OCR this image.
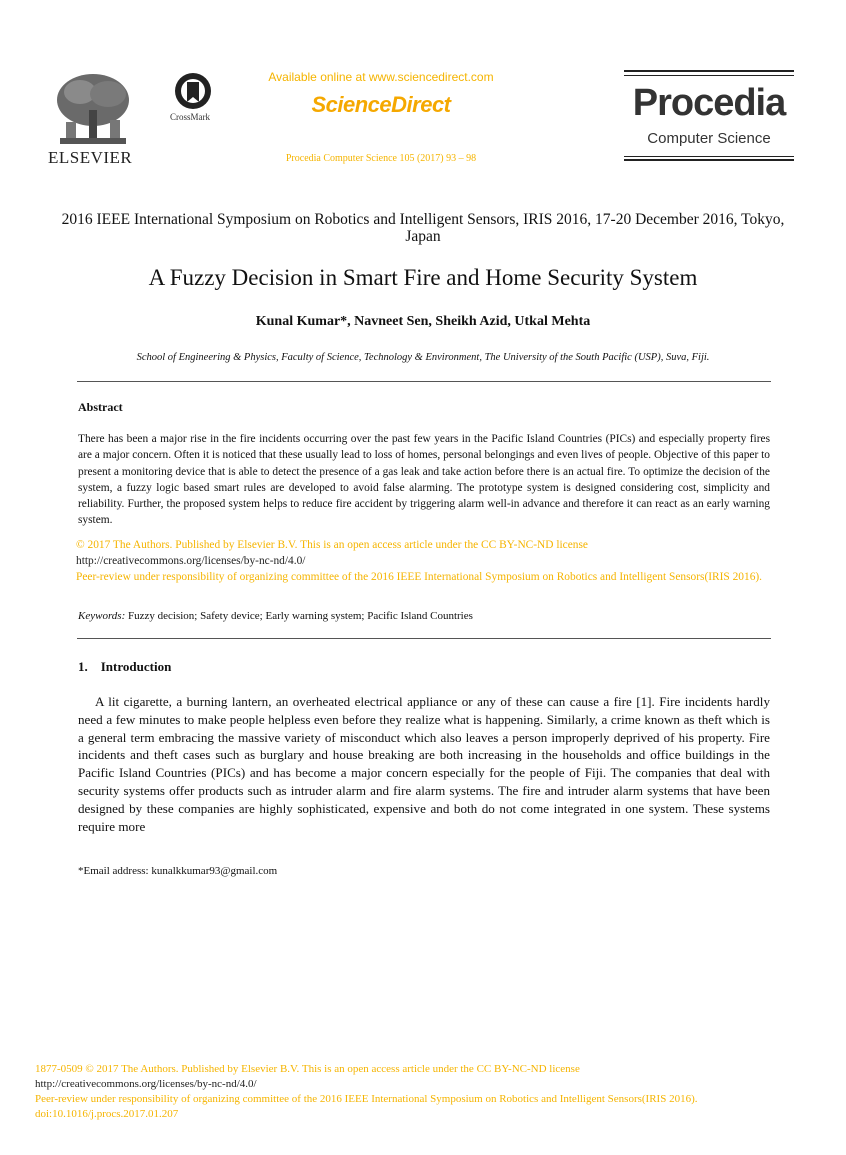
ELSEVIER
CrossMark
Available online at www.sciencedirect.com
ScienceDirect
Procedia Computer Science 105 (2017) 93 – 98
Procedia
Computer Science
2016 IEEE International Symposium on Robotics and Intelligent Sensors, IRIS 2016, 17-20 December 2016, Tokyo, Japan
A Fuzzy Decision in Smart Fire and Home Security System
Kunal Kumar*, Navneet Sen, Sheikh Azid, Utkal Mehta
School of Engineering & Physics, Faculty of Science, Technology & Environment, The University of the South Pacific (USP), Suva, Fiji.
Abstract
There has been a major rise in the fire incidents occurring over the past few years in the Pacific Island Countries (PICs) and especially property fires are a major concern. Often it is noticed that these usually lead to loss of homes, personal belongings and even lives of people. Objective of this paper to present a monitoring device that is able to detect the presence of a gas leak and take action before there is an actual fire. To optimize the decision of the system, a fuzzy logic based smart rules are developed to avoid false alarming. The prototype system is designed considering cost, simplicity and reliability. Further, the proposed system helps to reduce fire accident by triggering alarm well-in advance and therefore it can react as an early warning system.
© 2017 The Authors. Published by Elsevier B.V. This is an open access article under the CC BY-NC-ND license
http://creativecommons.org/licenses/by-nc-nd/4.0/
Peer-review under responsibility of organizing committee of the 2016 IEEE International Symposium on Robotics and Intelligent Sensors(IRIS 2016).
Keywords: Fuzzy decision; Safety device; Early warning system; Pacific Island Countries
1.    Introduction
A lit cigarette, a burning lantern, an overheated electrical appliance or any of these can cause a fire [1]. Fire incidents hardly need a few minutes to make people helpless even before they realize what is happening. Similarly, a crime known as theft which is a general term embracing the massive variety of misconduct which also leaves a person improperly deprived of his property. Fire incidents and theft cases such as burglary and house breaking are both increasing in the households and office buildings in the Pacific Island Countries (PICs) and has become a major concern especially for the people of Fiji. The companies that deal with security systems offer products such as intruder alarm and fire alarm systems. The fire and intruder alarm systems that have been designed by these companies are highly sophisticated, expensive and both do not come integrated in one system. These systems require more
*Email address: kunalkkumar93@gmail.com
1877-0509 © 2017 The Authors. Published by Elsevier B.V. This is an open access article under the CC BY-NC-ND license
http://creativecommons.org/licenses/by-nc-nd/4.0/
Peer-review under responsibility of organizing committee of the 2016 IEEE International Symposium on Robotics and Intelligent Sensors(IRIS 2016).
doi:10.1016/j.procs.2017.01.207
